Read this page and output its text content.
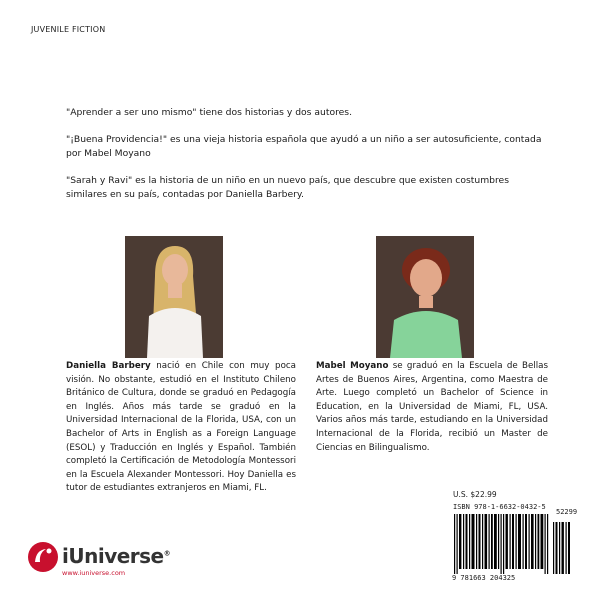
JUVENILE FICTION

"Aprender a ser uno mismo" tiene dos historias y dos autores.

"¡Buena Providencia!" es una vieja historia española que ayudó a un niño a ser autosuficiente, contada por Mabel Moyano

"Sarah y Ravi" es la historia de un niño en un nuevo país, que descubre que existen costumbres similares en su país, contadas por Daniella Barbery.

Daniella Barbery nació en Chile con muy poca visión. No obstante, estudió en el Instituto Chileno Británico de Cultura, donde se graduó en Pedagogía en Inglés. Años más tarde se graduó en la Universidad Internacional de la Florida, USA, con un Bachelor of Arts in English as a Foreign Language (ESOL) y Traducción en Inglés y Español. También completó la Certificación de Metodología Montessori en la Escuela Alexander Montessori. Hoy Daniella es tutor de estudiantes extranjeros en Miami, FL.
Mabel Moyano se graduó en la Escuela de Bellas Artes de Buenos Aires, Argentina, como Maestra de Arte. Luego completó un Bachelor of Science in Education, en la Universidad de Miami, FL, USA. Varios años más tarde, estudiando en la Universidad Internacional de la Florida, recibió un Master de Ciencias en Bilingualismo.
U.S. $22.99
ISBN 978-1-6632-0432-5
52299
9 781663 204325
iUniverse®
www.iuniverse.com
